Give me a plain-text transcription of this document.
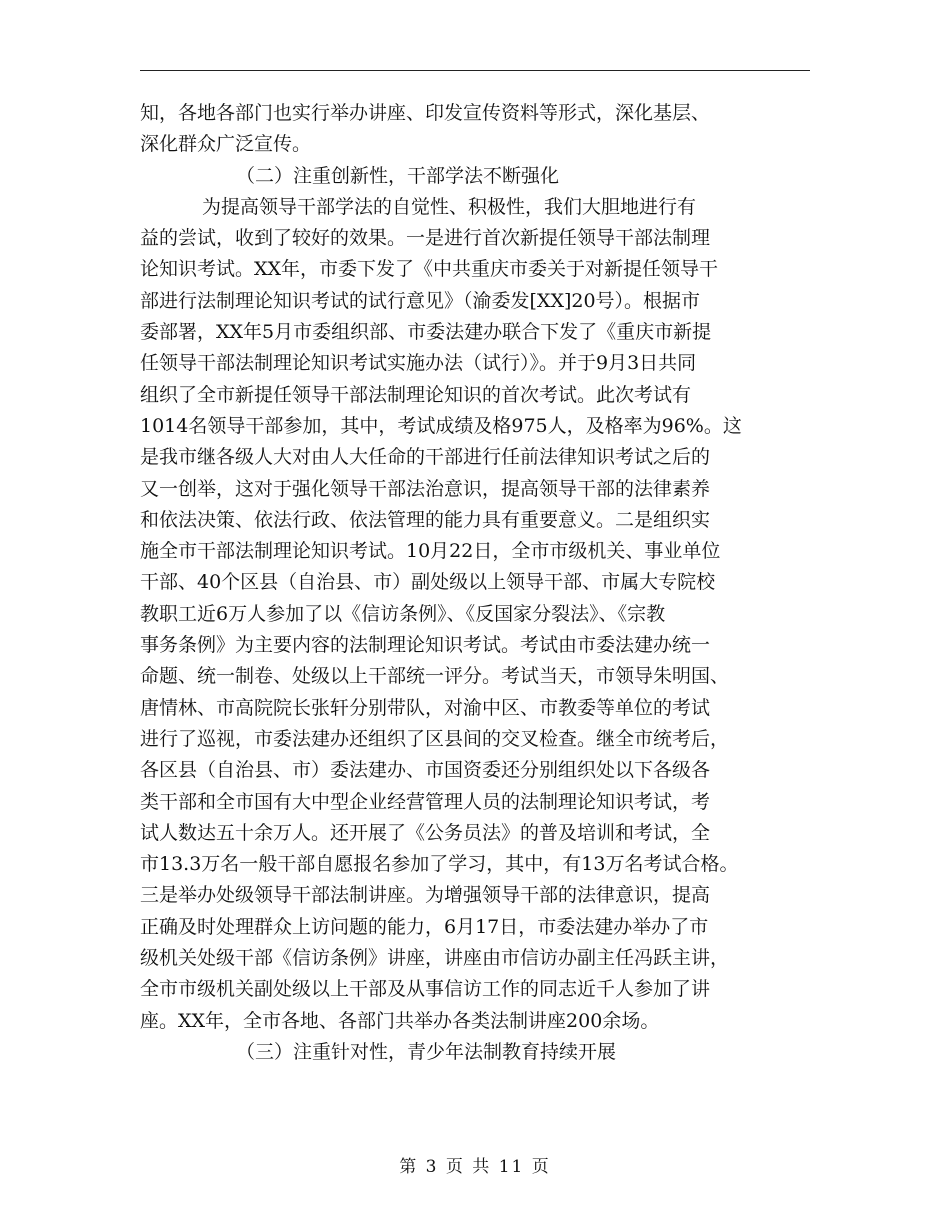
知，各地各部门也实行举办讲座、印发宣传资料等形式，深化基层、
深化群众广泛宣传。
（二）注重创新性，干部学法不断强化
为提高领导干部学法的自觉性、积极性，我们大胆地进行有
益的尝试，收到了较好的效果。一是进行首次新提任领导干部法制理
论知识考试。XX年，市委下发了《中共重庆市委关于对新提任领导干
部进行法制理论知识考试的试行意见》（渝委发[XX]20号）。根据市
委部署，XX年5月市委组织部、市委法建办联合下发了《重庆市新提
任领导干部法制理论知识考试实施办法（试行）》。并于9月3日共同
组织了全市新提任领导干部法制理论知识的首次考试。此次考试有
1014名领导干部参加，其中，考试成绩及格975人，及格率为96%。这
是我市继各级人大对由人大任命的干部进行任前法律知识考试之后的
又一创举，这对于强化领导干部法治意识，提高领导干部的法律素养
和依法决策、依法行政、依法管理的能力具有重要意义。二是组织实
施全市干部法制理论知识考试。10月22日，全市市级机关、事业单位
干部、40个区县（自治县、市）副处级以上领导干部、市属大专院校
教职工近6万人参加了以《信访条例》、《反国家分裂法》、《宗教
事务条例》为主要内容的法制理论知识考试。考试由市委法建办统一
命题、统一制卷、处级以上干部统一评分。考试当天，市领导朱明国、
唐情林、市高院院长张轩分别带队，对渝中区、市教委等单位的考试
进行了巡视，市委法建办还组织了区县间的交叉检查。继全市统考后，
各区县（自治县、市）委法建办、市国资委还分别组织处以下各级各
类干部和全市国有大中型企业经营管理人员的法制理论知识考试，考
试人数达五十余万人。还开展了《公务员法》的普及培训和考试，全
市13.3万名一般干部自愿报名参加了学习，其中，有13万名考试合格。
三是举办处级领导干部法制讲座。为增强领导干部的法律意识，提高
正确及时处理群众上访问题的能力，6月17日，市委法建办举办了市
级机关处级干部《信访条例》讲座，讲座由市信访办副主任冯跃主讲，
全市市级机关副处级以上干部及从事信访工作的同志近千人参加了讲
座。XX年，全市各地、各部门共举办各类法制讲座200余场。
（三）注重针对性，青少年法制教育持续开展
第 3 页 共 11 页
